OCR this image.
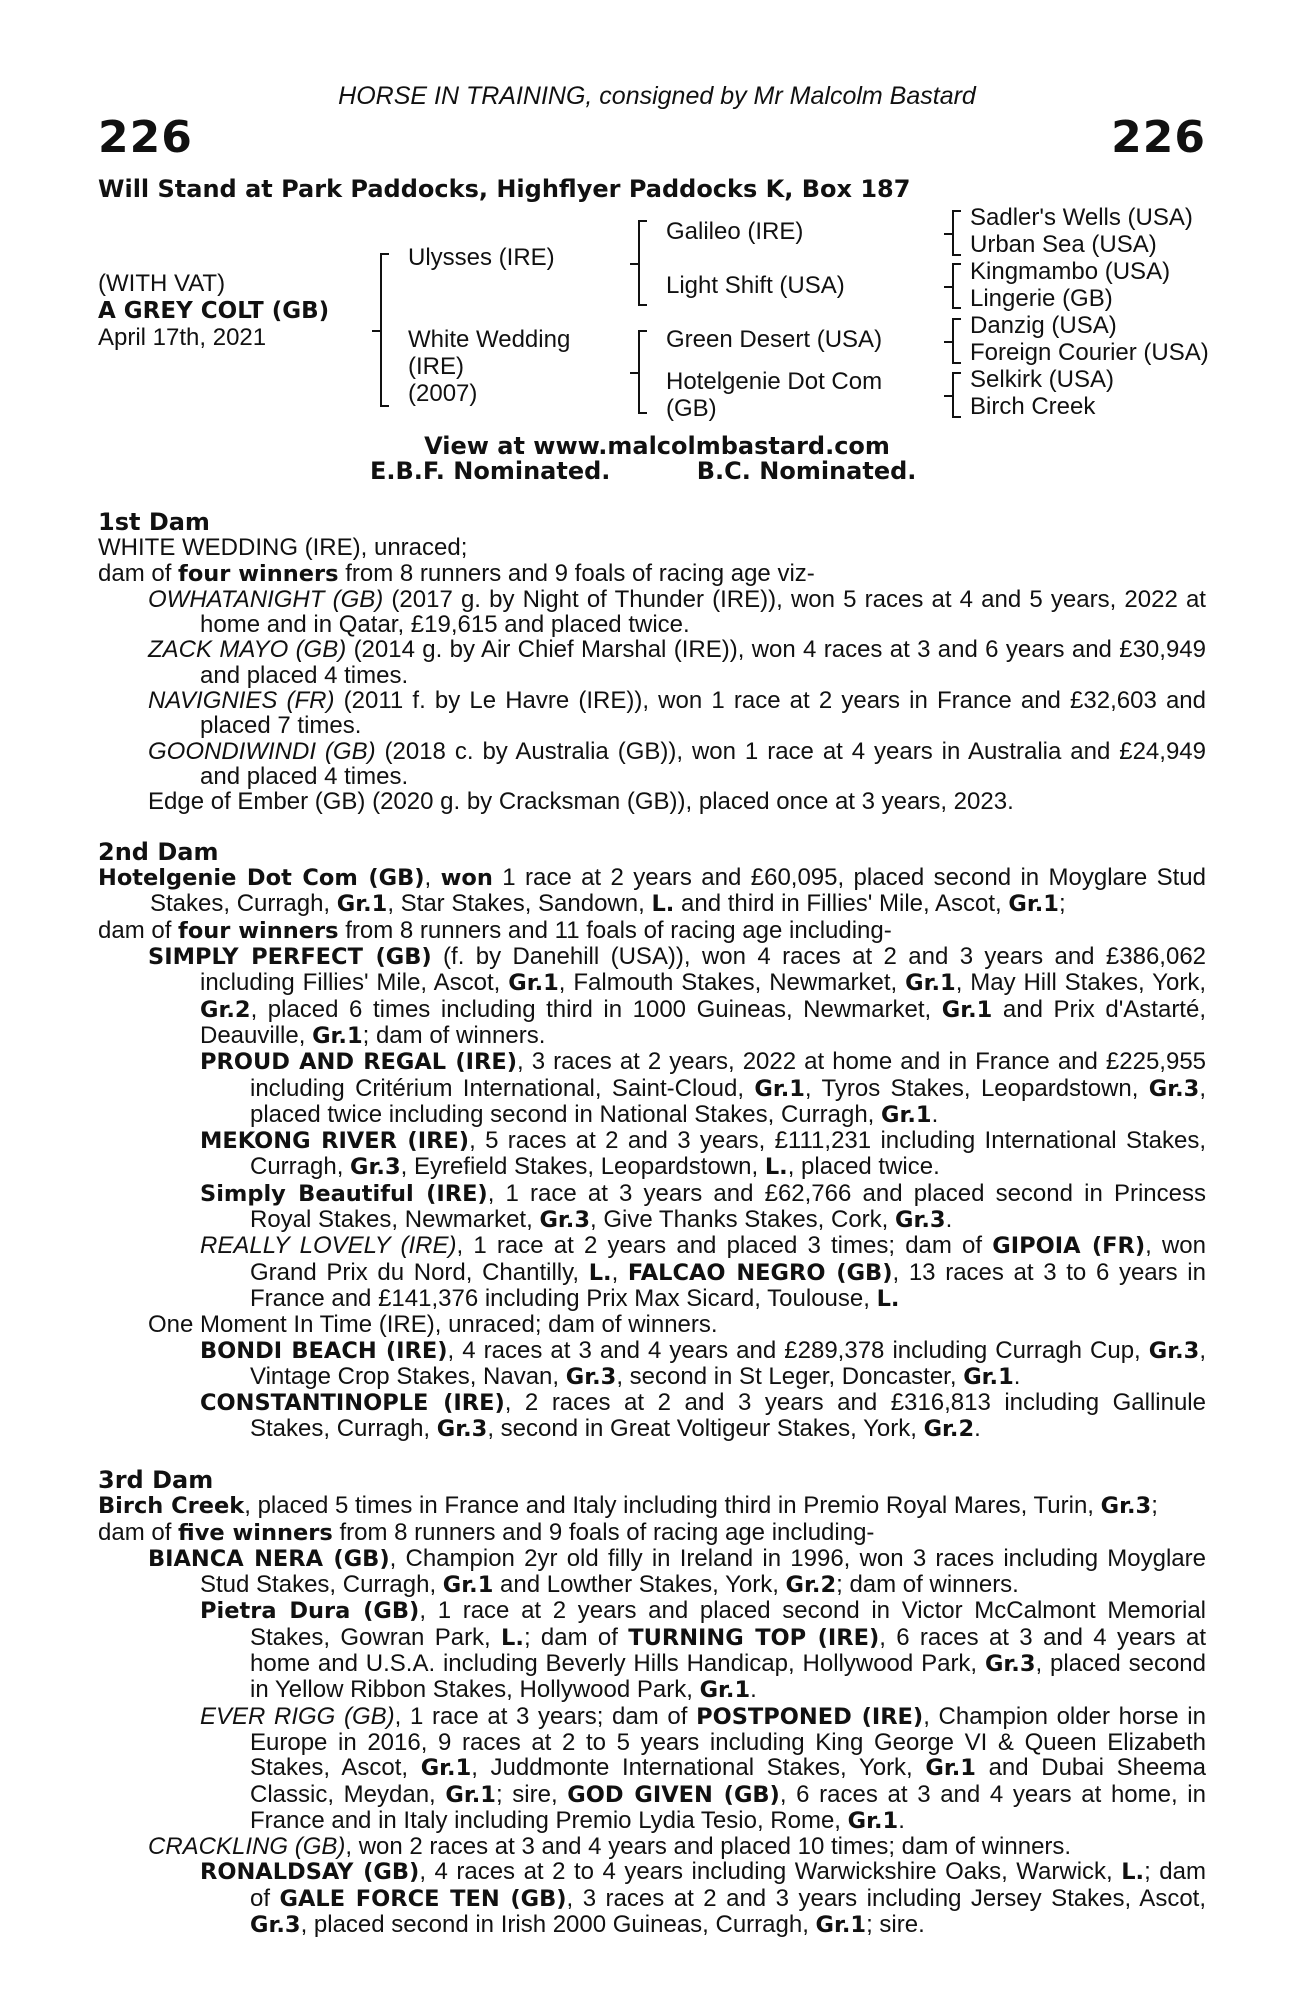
HORSE IN TRAINING, consigned by Mr Malcolm Bastard
226	226
Will Stand at Park Paddocks, Highflyer Paddocks K, Box 187
(WITH VAT)
A GREY COLT (GB)
April 17th, 2021
Ulysses (IRE)
White Wedding
(IRE)
(2007)
Galileo (IRE)
Light Shift (USA)
Green Desert (USA)
Hotelgenie Dot Com
(GB)
Sadler's Wells (USA)
Urban Sea (USA)
Kingmambo (USA)
Lingerie (GB)
Danzig (USA)
Foreign Courier (USA)
Selkirk (USA)
Birch Creek
View at www.malcolmbastard.com
E.B.F. Nominated.	B.C. Nominated.
1st Dam

WHITE WEDDING (IRE), unraced;

dam of four winners from 8 runners and 9 foals of racing age viz-

OWHATANIGHT (GB) (2017 g. by Night of Thunder (IRE)), won 5 races at 4 and 5 years, 2022 at home and in Qatar, £19,615 and placed twice.

ZACK MAYO (GB) (2014 g. by Air Chief Marshal (IRE)), won 4 races at 3 and 6 years and £30,949 and placed 4 times.

NAVIGNIES (FR) (2011 f. by Le Havre (IRE)), won 1 race at 2 years in France and £32,603 and placed 7 times.

GOONDIWINDI (GB) (2018 c. by Australia (GB)), won 1 race at 4 years in Australia and £24,949 and placed 4 times.

Edge of Ember (GB) (2020 g. by Cracksman (GB)), placed once at 3 years, 2023.

2nd Dam

Hotelgenie Dot Com (GB), won 1 race at 2 years and £60,095, placed second in Moyglare Stud Stakes, Curragh, Gr.1, Star Stakes, Sandown, L. and third in Fillies' Mile, Ascot, Gr.1;

dam of four winners from 8 runners and 11 foals of racing age including-

SIMPLY PERFECT (GB) (f. by Danehill (USA)), won 4 races at 2 and 3 years and £386,062 including Fillies' Mile, Ascot, Gr.1, Falmouth Stakes, Newmarket, Gr.1, May Hill Stakes, York, Gr.2, placed 6 times including third in 1000 Guineas, Newmarket, Gr.1 and Prix d'Astarté, Deauville, Gr.1; dam of winners.

PROUD AND REGAL (IRE), 3 races at 2 years, 2022 at home and in France and £225,955 including Critérium International, Saint-Cloud, Gr.1, Tyros Stakes, Leopardstown, Gr.3, placed twice including second in National Stakes, Curragh, Gr.1.

MEKONG RIVER (IRE), 5 races at 2 and 3 years, £111,231 including International Stakes, Curragh, Gr.3, Eyrefield Stakes, Leopardstown, L., placed twice.

Simply Beautiful (IRE), 1 race at 3 years and £62,766 and placed second in Princess Royal Stakes, Newmarket, Gr.3, Give Thanks Stakes, Cork, Gr.3.

REALLY LOVELY (IRE), 1 race at 2 years and placed 3 times; dam of GIPOIA (FR), won Grand Prix du Nord, Chantilly, L., FALCAO NEGRO (GB), 13 races at 3 to 6 years in France and £141,376 including Prix Max Sicard, Toulouse, L.

One Moment In Time (IRE), unraced; dam of winners.

BONDI BEACH (IRE), 4 races at 3 and 4 years and £289,378 including Curragh Cup, Gr.3, Vintage Crop Stakes, Navan, Gr.3, second in St Leger, Doncaster, Gr.1.

CONSTANTINOPLE (IRE), 2 races at 2 and 3 years and £316,813 including Gallinule Stakes, Curragh, Gr.3, second in Great Voltigeur Stakes, York, Gr.2.

3rd Dam

Birch Creek, placed 5 times in France and Italy including third in Premio Royal Mares, Turin, Gr.3;

dam of five winners from 8 runners and 9 foals of racing age including-

BIANCA NERA (GB), Champion 2yr old filly in Ireland in 1996, won 3 races including Moyglare Stud Stakes, Curragh, Gr.1 and Lowther Stakes, York, Gr.2; dam of winners.

Pietra Dura (GB), 1 race at 2 years and placed second in Victor McCalmont Memorial Stakes, Gowran Park, L.; dam of TURNING TOP (IRE), 6 races at 3 and 4 years at home and U.S.A. including Beverly Hills Handicap, Hollywood Park, Gr.3, placed second in Yellow Ribbon Stakes, Hollywood Park, Gr.1.

EVER RIGG (GB), 1 race at 3 years; dam of POSTPONED (IRE), Champion older horse in Europe in 2016, 9 races at 2 to 5 years including King George VI & Queen Elizabeth Stakes, Ascot, Gr.1, Juddmonte International Stakes, York, Gr.1 and Dubai Sheema Classic, Meydan, Gr.1; sire, GOD GIVEN (GB), 6 races at 3 and 4 years at home, in France and in Italy including Premio Lydia Tesio, Rome, Gr.1.

CRACKLING (GB), won 2 races at 3 and 4 years and placed 10 times; dam of winners.

RONALDSAY (GB), 4 races at 2 to 4 years including Warwickshire Oaks, Warwick, L.; dam of GALE FORCE TEN (GB), 3 races at 2 and 3 years including Jersey Stakes, Ascot, Gr.3, placed second in Irish 2000 Guineas, Curragh, Gr.1; sire.
